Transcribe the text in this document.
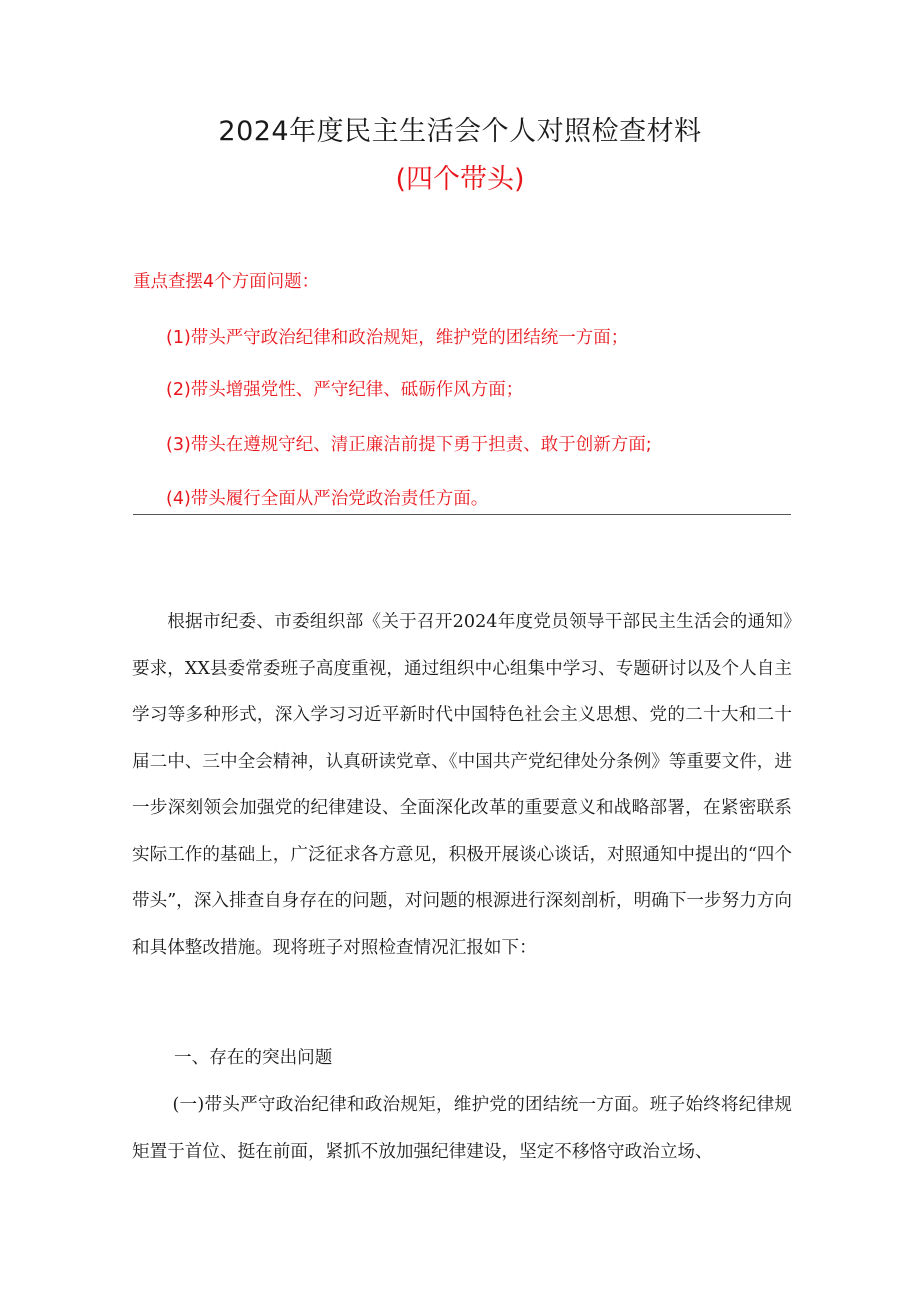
2024年度民主生活会个人对照检查材料
(四个带头)
重点查摆4个方面问题：
(1)带头严守政治纪律和政治规矩，维护党的团结统一方面；
(2)带头增强党性、严守纪律、砥砺作风方面；
(3)带头在遵规守纪、清正廉洁前提下勇于担责、敢于创新方面;
(4)带头履行全面从严治党政治责任方面。

根据市纪委、市委组织部《关于召开2024年度党员领导干部民主生活会的通知》要求，XX县委常委班子高度重视，通过组织中心组集中学习、专题研讨以及个人自主学习等多种形式，深入学习习近平新时代中国特色社会主义思想、党的二十大和二十届二中、三中全会精神，认真研读党章、《中国共产党纪律处分条例》等重要文件，进一步深刻领会加强党的纪律建设、全面深化改革的重要意义和战略部署，在紧密联系实际工作的基础上，广泛征求各方意见，积极开展谈心谈话，对照通知中提出的“四个带头”，深入排查自身存在的问题，对问题的根源进行深刻剖析，明确下一步努力方向和具体整改措施。现将班子对照检查情况汇报如下：

一、存在的突出问题

(一)带头严守政治纪律和政治规矩，维护党的团结统一方面。班子始终将纪律规矩置于首位、挺在前面，紧抓不放加强纪律建设，坚定不移恪守政治立场、
